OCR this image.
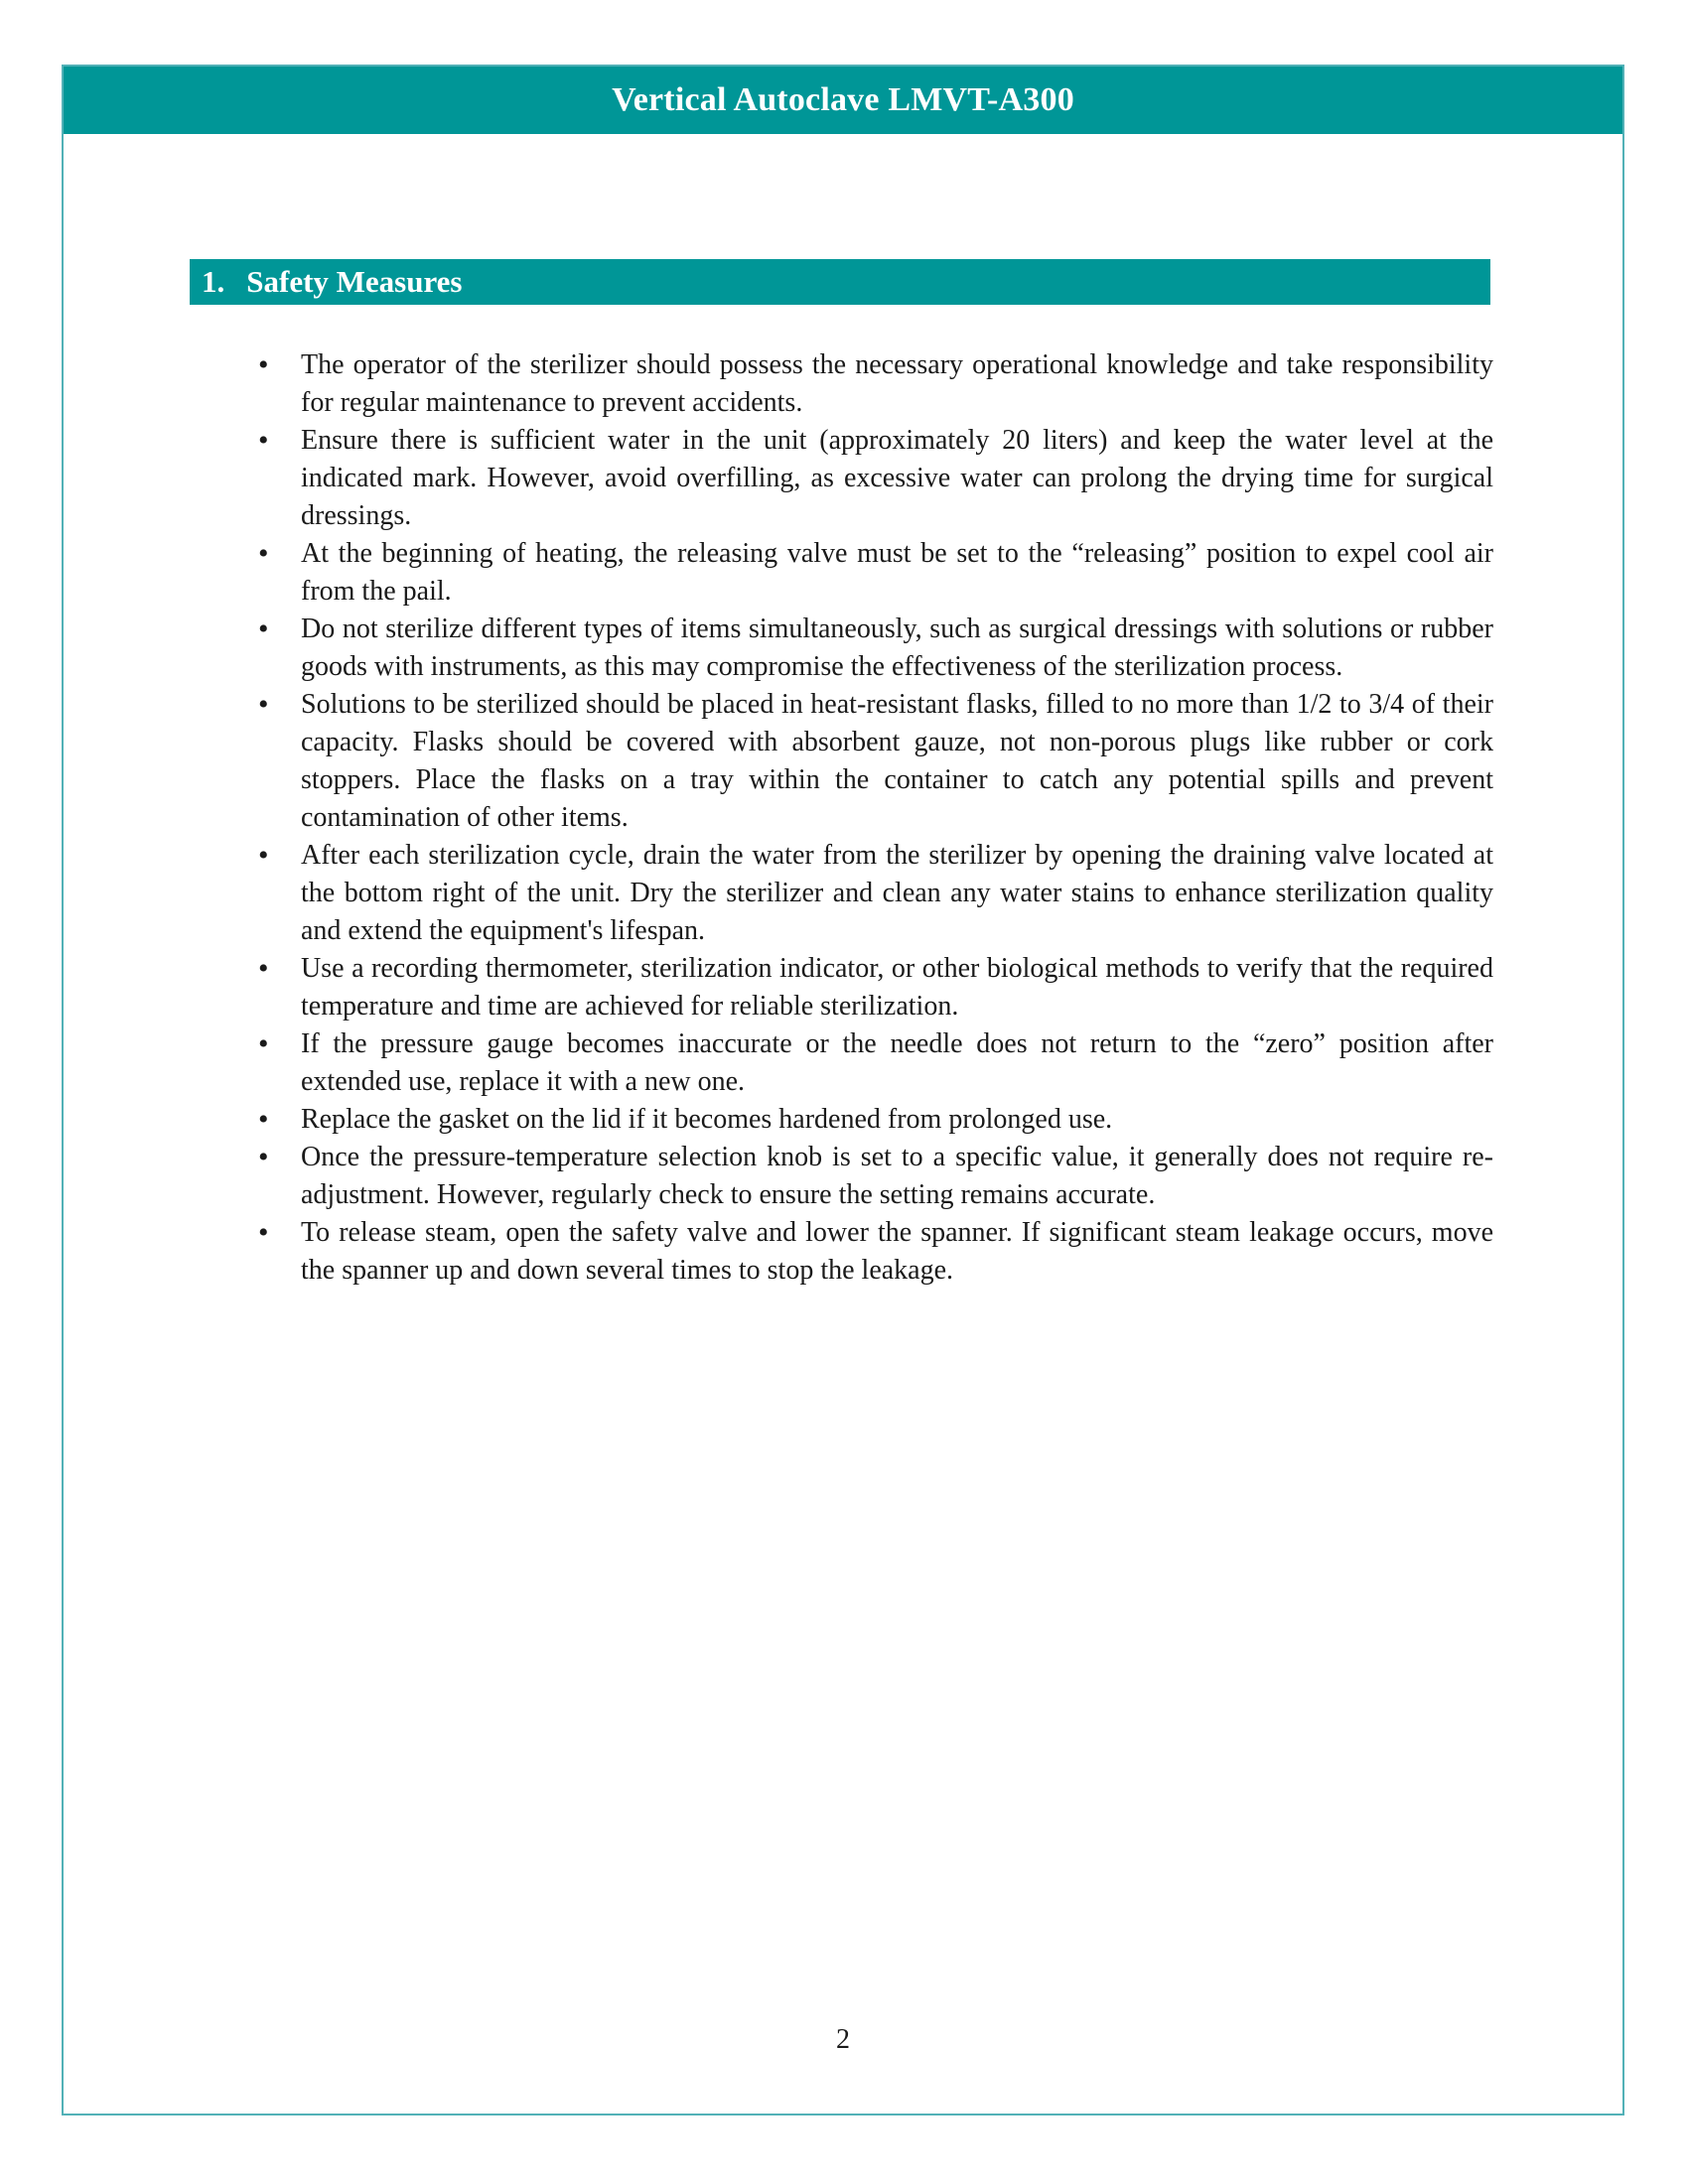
Vertical Autoclave LMVT-A300
1. Safety Measures
• The operator of the sterilizer should possess the necessary operational knowledge and take responsibility for regular maintenance to prevent accidents.
• Ensure there is sufficient water in the unit (approximately 20 liters) and keep the water level at the indicated mark. However, avoid overfilling, as excessive water can prolong the drying time for surgical dressings.
• At the beginning of heating, the releasing valve must be set to the “releasing” position to expel cool air from the pail.
• Do not sterilize different types of items simultaneously, such as surgical dressings with solutions or rubber goods with instruments, as this may compromise the effectiveness of the sterilization process.
• Solutions to be sterilized should be placed in heat-resistant flasks, filled to no more than 1/2 to 3/4 of their capacity. Flasks should be covered with absorbent gauze, not non-porous plugs like rubber or cork stoppers. Place the flasks on a tray within the container to catch any potential spills and prevent contamination of other items.
• After each sterilization cycle, drain the water from the sterilizer by opening the draining valve located at the bottom right of the unit. Dry the sterilizer and clean any water stains to enhance sterilization quality and extend the equipment's lifespan.
• Use a recording thermometer, sterilization indicator, or other biological methods to verify that the required temperature and time are achieved for reliable sterilization.
• If the pressure gauge becomes inaccurate or the needle does not return to the “zero” position after extended use, replace it with a new one.
• Replace the gasket on the lid if it becomes hardened from prolonged use.
• Once the pressure-temperature selection knob is set to a specific value, it generally does not require re-adjustment. However, regularly check to ensure the setting remains accurate.
• To release steam, open the safety valve and lower the spanner. If significant steam leakage occurs, move the spanner up and down several times to stop the leakage.
2
